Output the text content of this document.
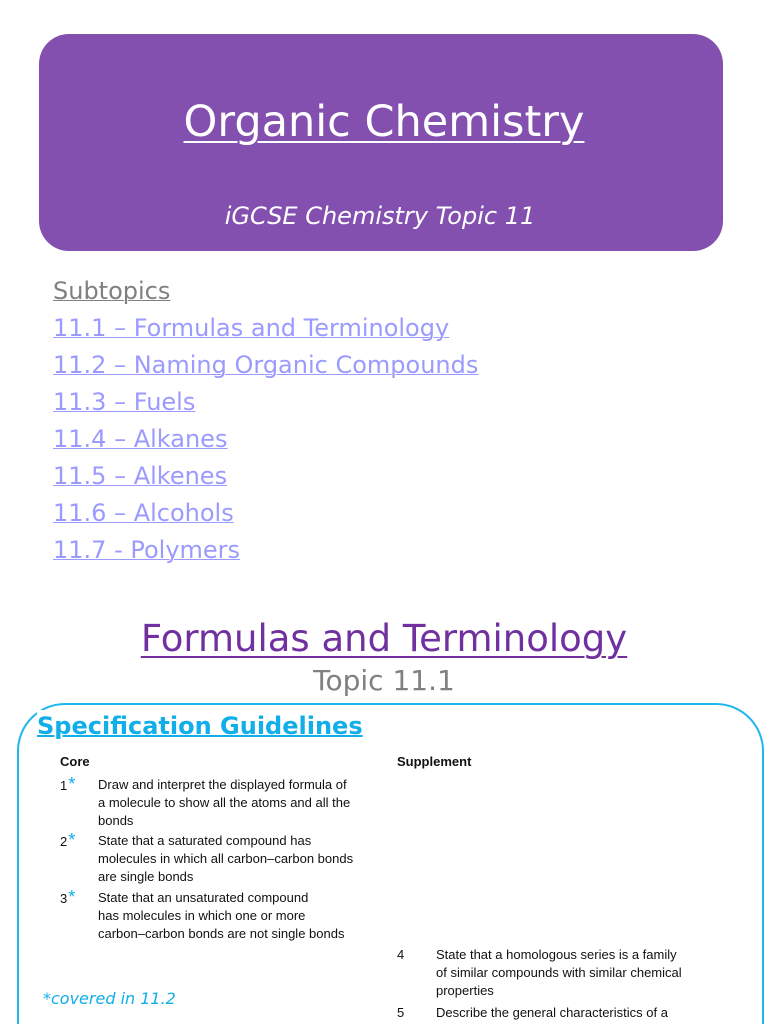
Organic Chemistry
iGCSE Chemistry Topic 11
Subtopics
11.1 – Formulas and Terminology
11.2 – Naming Organic Compounds
11.3 – Fuels
11.4 – Alkanes
11.5 – Alkenes
11.6 – Alcohols
11.7 - Polymers
Formulas and Terminology
Topic 11.1
Specification Guidelines
Core	Supplement
1* Draw and interpret the displayed formula of
a molecule to show all the atoms and all the
bonds
2* State that a saturated compound has
molecules in which all carbon–carbon bonds
are single bonds
3* State that an unsaturated compound
has molecules in which one or more
carbon–carbon bonds are not single bonds
4 State that a homologous series is a family
of similar compounds with similar chemical
properties
5 Describe the general characteristics of a
*covered in 11.2
